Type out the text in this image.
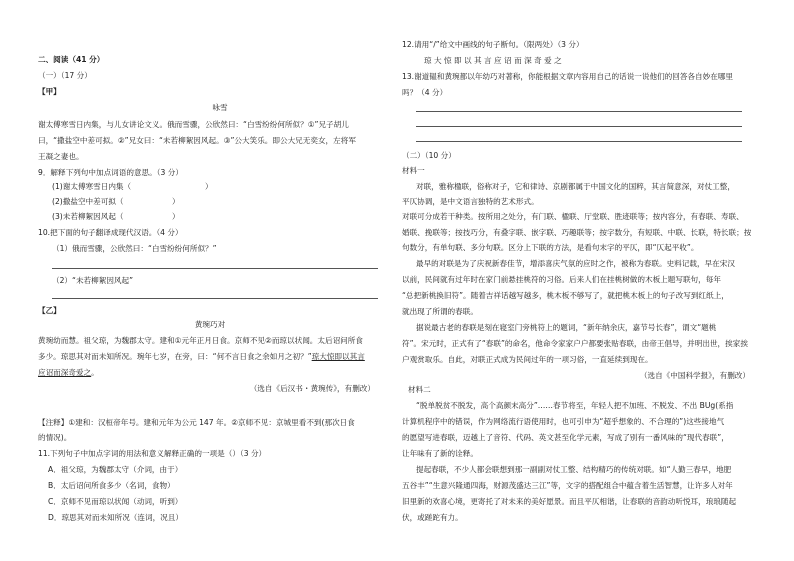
二、阅读（41 分）
（一）（17 分）
【甲】
咏雪
谢太傅寒雪日内集，与儿女讲论文义。俄而雪骤，公欣然曰：“白雪纷纷何所似？①”兄子胡儿
曰，“撒盐空中差可拟。②”兄女曰：“未若柳絮因风起。③”公大笑乐。即公大兄无奕女，左将军
王凝之妻也。
9．解释下列句中加点词语的意思。（3 分）
(1)谢太傅寒雪日内集（	）
(2)撒盐空中差可拟（	）
(3)未若柳絮因风起（	）
10.把下面的句子翻译成现代汉语。（4 分）
（1）俄而雪骤，公欣然曰：“白雪纷纷何所似？”
（2）“未若柳絮因风起”
【乙】
黄琬巧对
黄琬幼而慧。祖父琼，为魏郡太守。建和①元年正月日食。京师不见②而琼以状闻。太后诏问所食
多少。琼思其对而未知所况。琬年七岁，在旁，曰：“何不言日食之余如月之初？”琼大惊即以其言
应诏而深奇爱之。
（选自《后汉书・黄琬传》，有删改）
【注释】①建和：汉桓帝年号。建和元年为公元 147 年。②京师不见：京城里看不到(那次日食
的情况)。
11.下列句子中加点字词的用法和意义解释正确的一项是（）（3 分）
A．祖父琼，为魏郡太守（介词，由于）
B．太后诏问所食多少（名词，食物）
C．京师不见而琼以状闻（动词，听到）
D．琼思其对而未知所况（连词，况且）
12.请用“/”给文中画线的句子断句。（限两处）（3 分）
琼 大 惊 即 以 其 言 应 诏 而 深 奇 爱 之
13.谢道韫和黄琬都以年幼巧对著称，你能根据文章内容用自己的话说一说他们的回答各自妙在哪里
吗？（4 分）
（二）（10 分）
材料一
对联，雅称楹联，俗称对子，它和律诗、京剧都属于中国文化的国粹，其言简意深，对仗工整，
平仄协调，是中文语言独特的艺术形式。
对联可分成若干种类。按所用之处分，有门联、楹联、厅堂联、胜迹联等；按内容分，有春联、寿联、
婚联、挽联等；按技巧分，有叠字联、嵌字联、巧趣联等；按字数分，有短联、中联、长联，特长联；按
句数分，有单句联、多分句联。区分上下联的方法，是看句末字的平仄，即“仄起平收”。
最早的对联是为了庆祝新春佳节，增添喜庆气氛的应时之作，被称为春联。史料记载，早在宋汉
以前，民间就有过年时在家门前悬挂桃符的习俗。后来人们在挂桃树做的木板上题写联句，每年
“总把新桃换旧符”。随着吉祥话越写越多，桃木板不够写了，就把桃木板上的句子改写到红纸上，
就出现了所谓的春联。
据说最古老的春联是刻在寝室门旁桃符上的题词，“新年纳余庆，嘉节号长春”，谓文“题桃
符”。宋元时，正式有了“春联”的命名，他命令家家户户都要张贴春联，由帝王倡导，并明出世，挨家挨
户观赏取乐。自此，对联正式成为民间过年的一项习俗，一直延续到现在。
（选自《中国科学报》，有删改）
材料二
“脱单脱贫不脱发，高个高颜末高分”……春节将至，年轻人把不加班、不脱发、不出 BUg(系指
计算机程序中的错误，作为网络流行语使用时，也可引申为“超乎想象的、不合理的”)这些接地气
的愿望写进春联，迈越上了音符、代码、英文甚至化学元素，写成了别有一番风味的“现代春联”，
让年味有了新的诠释。
提起春联，不少人都会联想到那一副副对仗工整、结构精巧的传统对联。如“人勤三春早，地肥
五谷丰”“生意兴隆通四海，财源茂盛达三江”等，文字的搭配组合中蕴含着生活智慧，让许多人对年
旧里新的欢喜心境，更寄托了对未来的美好愿景。而且平仄相谐，让春联的音韵动听悦耳，琅琅随起
伏，或蹉跎有力。
